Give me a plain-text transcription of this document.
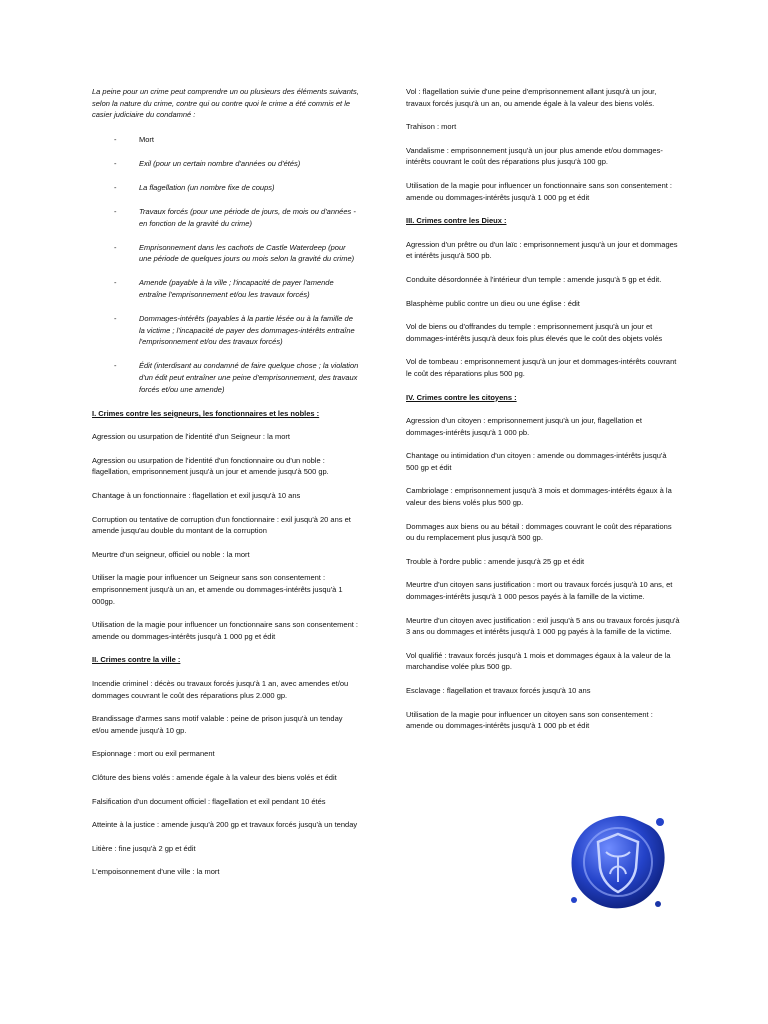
La peine pour un crime peut comprendre un ou plusieurs des éléments suivants, selon la nature du crime, contre qui ou contre quoi le crime a été commis et le casier judiciaire du condamné :

-	Mort
-	Exil (pour un certain nombre d'années ou d'étés)
-	La flagellation (un nombre fixe de coups)
-	Travaux forcés (pour une période de jours, de mois ou d'années - en fonction de la gravité du crime)
-	Emprisonnement dans les cachots de Castle Waterdeep (pour une période de quelques jours ou mois selon la gravité du crime)
-	Amende (payable à la ville ; l'incapacité de payer l'amende entraîne l'emprisonnement et/ou les travaux forcés)
-	Dommages-intérêts (payables à la partie lésée ou à la famille de la victime ; l'incapacité de payer des dommages-intérêts entraîne l'emprisonnement et/ou des travaux forcés)
-	Édit (interdisant au condamné de faire quelque chose ; la violation d'un édit peut entraîner une peine d'emprisonnement, des travaux forcés et/ou une amende)
I. Crimes contre les seigneurs, les fonctionnaires et les nobles :

Agression ou usurpation de l'identité d'un Seigneur : la mort

Agression ou usurpation de l'identité d'un fonctionnaire ou d'un noble : flagellation, emprisonnement jusqu'à un jour et amende jusqu'à 500 gp.

Chantage à un fonctionnaire : flagellation et exil jusqu'à 10 ans

Corruption ou tentative de corruption d'un fonctionnaire : exil jusqu'à 20 ans et amende jusqu'au double du montant de la corruption

Meurtre d'un seigneur, officiel ou noble : la mort

Utiliser la magie pour influencer un Seigneur sans son consentement : emprisonnement jusqu'à un an, et amende ou dommages-intérêts jusqu'à 1 000gp.

Utilisation de la magie pour influencer un fonctionnaire sans son consentement : amende ou dommages-intérêts jusqu'à 1 000 pg et édit

II. Crimes contre la ville :

Incendie criminel : décès ou travaux forcés jusqu'à 1 an, avec amendes et/ou dommages couvrant le coût des réparations plus 2.000 gp.

Brandissage d'armes sans motif valable : peine de prison jusqu'à un tenday et/ou amende jusqu'à 10 gp.

Espionnage : mort ou exil permanent

Clôture des biens volés : amende égale à la valeur des biens volés et édit

Falsification d'un document officiel : flagellation et exil pendant 10 étés

Atteinte à la justice : amende jusqu'à 200 gp et travaux forcés jusqu'à un tenday

Litière : fine jusqu'à 2 gp et édit

L'empoisonnement d'une ville : la mort

Vol : flagellation suivie d'une peine d'emprisonnement allant jusqu'à un jour, travaux forcés jusqu'à un an, ou amende égale à la valeur des biens volés.

Trahison : mort

Vandalisme : emprisonnement jusqu'à un jour plus amende et/ou dommages-intérêts couvrant le coût des réparations plus jusqu'à 100 gp.

Utilisation de la magie pour influencer un fonctionnaire sans son consentement : amende ou dommages-intérêts jusqu'à 1 000 pg et édit

III. Crimes contre les Dieux :

Agression d'un prêtre ou d'un laïc : emprisonnement jusqu'à un jour et dommages et intérêts jusqu'à 500 pb.

Conduite désordonnée à l'intérieur d'un temple : amende jusqu'à 5 gp et édit.

Blasphème public contre un dieu ou une église : édit

Vol de biens ou d'offrandes du temple : emprisonnement jusqu'à un jour et dommages-intérêts jusqu'à deux fois plus élevés que le coût des objets volés

Vol de tombeau : emprisonnement jusqu'à un jour et dommages-intérêts couvrant le coût des réparations plus 500 pg.

IV. Crimes contre les citoyens :

Agression d'un citoyen : emprisonnement jusqu'à un jour, flagellation et dommages-intérêts jusqu'à 1 000 pb.

Chantage ou intimidation d'un citoyen : amende ou dommages-intérêts jusqu'à 500 gp et édit

Cambriolage : emprisonnement jusqu'à 3 mois et dommages-intérêts égaux à la valeur des biens volés plus 500 gp.

Dommages aux biens ou au bétail : dommages couvrant le coût des réparations ou du remplacement plus jusqu'à 500 gp.

Trouble à l'ordre public : amende jusqu'à 25 gp et édit

Meurtre d'un citoyen sans justification : mort ou travaux forcés jusqu'à 10 ans, et dommages-intérêts jusqu'à 1 000 pesos payés à la famille de la victime.

Meurtre d'un citoyen avec justification : exil jusqu'à 5 ans ou travaux forcés jusqu'à 3 ans ou dommages et intérêts jusqu'à 1 000 pg payés à la famille de la victime.

Vol qualifié : travaux forcés jusqu'à 1 mois et dommages égaux à la valeur de la marchandise volée plus 500 gp.

Esclavage : flagellation et travaux forcés jusqu'à 10 ans

Utilisation de la magie pour influencer un citoyen sans son consentement : amende ou dommages-intérêts jusqu'à 1 000 pb et édit
